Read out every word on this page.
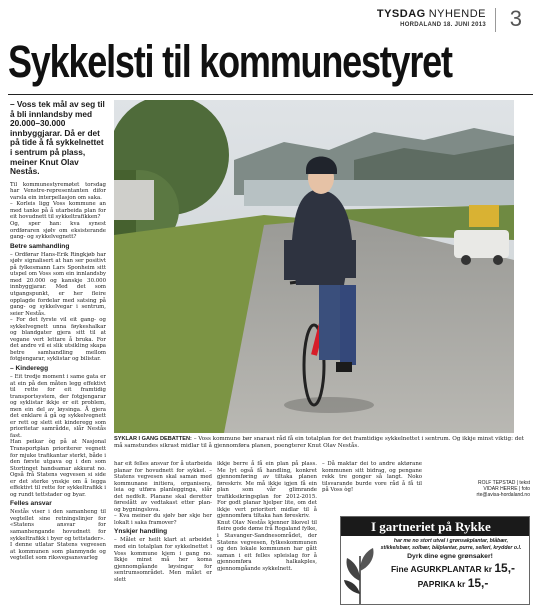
TYSDAG NYHENDE
HORDALAND 18. JUNI 2013 3
Sykkelsti til kommunestyret
– Voss tek mål av seg til å bli innlandsby med 20.000–30.000 innbyggjarar. Då er det på tide å få sykkelnettet i sentrum på plass, meiner Knut Olav Nestås.

Til kommunestyremøtet torsdag har Venstre-representanten difor varsla ein interpellasjon om saka.

– Korleis ligg Voss kommune an med tanke på å utarbeida plan for eit hovudnett til sykkeltrafikken?

Og, sper han: kva synest ordføraren sjølv om eksisterande gang- og sykkelvegnett?

Betre samhandling

– Ordførar Hans-Erik Ringkjøb har sjølv signalisert at han ser positivt på fylkesmann Lars Sponheim sitt utspel om Voss som ein innlandsby med 20.000 og kanskje 30.000 innbyggjarar. Med det som utgangspunkt, er her fleire opplagde fordelar med satsing på gang- og sykkelvegar i sentrum, seier Nestås.

– For det fyrste vil eit gang- og sykkelvegnett unna føykeshalkar og blandgater gjera sitt til at vegane vert lettare å bruka. For det andre vil ei slik utsikling skapa betre samhandling mellom fotgjengarar, syklistar og bilistar.

– Kinderegg

– Eit tredje moment i same gata er at ein på den måten legg effektivt til rette for eit framtidig transportsystem, der fotgjengarar og syklistar ikkje er eit problem, men ein del av løysinga. Å gjera det enklare å gå og sykkelvegnett er rett og slett eit kinderegg som prioritetar samrådde, slår Nestås fast.

Han peikar òg på at Nasjonal Transportplan prioriterer vegnett for mjuke trafikantar sterkt, både i den første utgava og i den som Stortinget handsamar akkurat no. Også frå Statens vegvesen si side er det sterke ynskje om å legga effektivt til rette for sykkeltrafikk i og rundt tettstader og byar.

Felles ansvar

Nestås viser i den samanheng til vegtellet sine retningslinjer for «Statens ansvar for samanhengande hovudnett for sykkeltrafikk i byer og tettstader».

I denne utlatar Statens vegvesen at kommunen som planmynde og vegtellet som riksvegsansvarleg

SYKLAR I GANG DEBATTEN: – Voss kommune bør snarast råd få ein totalplan for det framtidige sykkelnettet i sentrum. Og ikkje minst viktig: det må samstundes sikrast midlar til å gjennomføra planen, poengterer Knut Olav Nestås.

har eit felles ansvar for å utarbeida planar for hovudnett for sykkel. – Statens vegvesen skal saman med kommunane initiera, organisera, leia og utføra planlegginga, slår det nedfelt. Planane skal deretter føreslått av vedtakast etter plan- og bygningslova.

– Kva meiner du sjølv bør skje her lokalt i saka framover?

Ynskjer handling

– Målet er heilt klart at arbeidet med ein totalplan for sykkelnettet i Voss kommune kjem i gang no. Ikkje minst må her koma gjennomgåande løysingar for sentrumsområdet. Men målet er slett

ikkje berre å få ein plan på plass. Me lyt også få handling, konkret gjennomføring av tiltaka planen føreskriv. Me må ikkje igjen få ein plan som vår glimrande trafikksikringsplan for 2012-2015. For godt planar hjelper lite, om det ikkje vert prioritert midlar til å gjennomføra tiltaka han føreskriv.

Knut Olav Nestås kjenner likevel til fleire gode døme frå Rogaland fylke, i Stavanger-Sandnesområdet, der Statens vegvesen, fylkeskommunen og den lokale kommunen har gått saman i eit felles spleislag for å gjennomføra halkakples, gjennomgåande sykkelnett.

– Då maktar dei to andre aktørane kommunen sitt bidrag, og pengane rekk tre gonger så langt. Noko tilsvarande burde vore råd å få til på Voss òg!

ROLF TEPSTAD | tekst
VIDAR HERRE | foto
rte@avisa-hordaland.no
I gartneriet på Rykke
har me no stort utval i grønsakplantar, blåbær, stikkelsbær, solbær, bålplantar, purre, selleri, krydder o.l.
Dyrk dine egne grønsaker!
Fine AGURKPLANTAR kr 15,-
PAPRIKA kr 15,-
